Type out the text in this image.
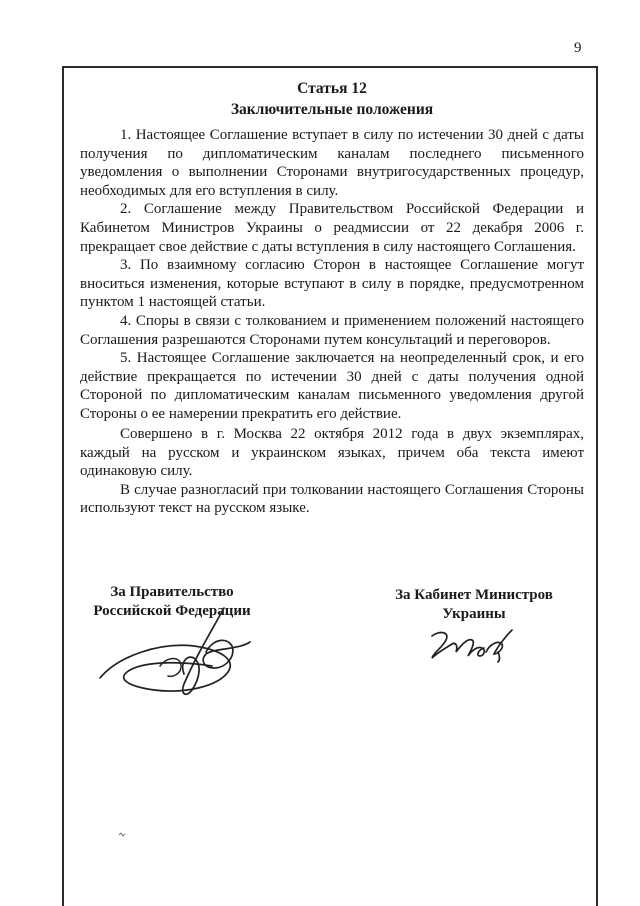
9
Статья 12
Заключительные положения

1. Настоящее Соглашение вступает в силу по истечении 30 дней с даты получения по дипломатическим каналам последнего письменного уведомления о выполнении Сторонами внутригосударственных процедур, необходимых для его вступления в силу.

2. Соглашение между Правительством Российской Федерации и Кабинетом Министров Украины о реадмиссии от 22 декабря 2006 г. прекращает свое действие с даты вступления в силу настоящего Соглашения.

3. По взаимному согласию Сторон в настоящее Соглашение могут вноситься изменения, которые вступают в силу в порядке, предусмотренном пунктом 1 настоящей статьи.

4. Споры в связи с толкованием и применением положений настоящего Соглашения разрешаются Сторонами путем консультаций и переговоров.

5. Настоящее Соглашение заключается на неопределенный срок, и его действие прекращается по истечении 30 дней с даты получения одной Стороной по дипломатическим каналам письменного уведомления другой Стороны о ее намерении прекратить его действие.

Совершено в г. Москва 22 октября 2012 года в двух экземплярах, каждый на русском и украинском языках, причем оба текста имеют одинаковую силу.

В случае разногласий при толковании настоящего Соглашения Стороны используют текст на русском языке.

За Правительство
Российской Федерации
За Кабинет Министров
Украины
